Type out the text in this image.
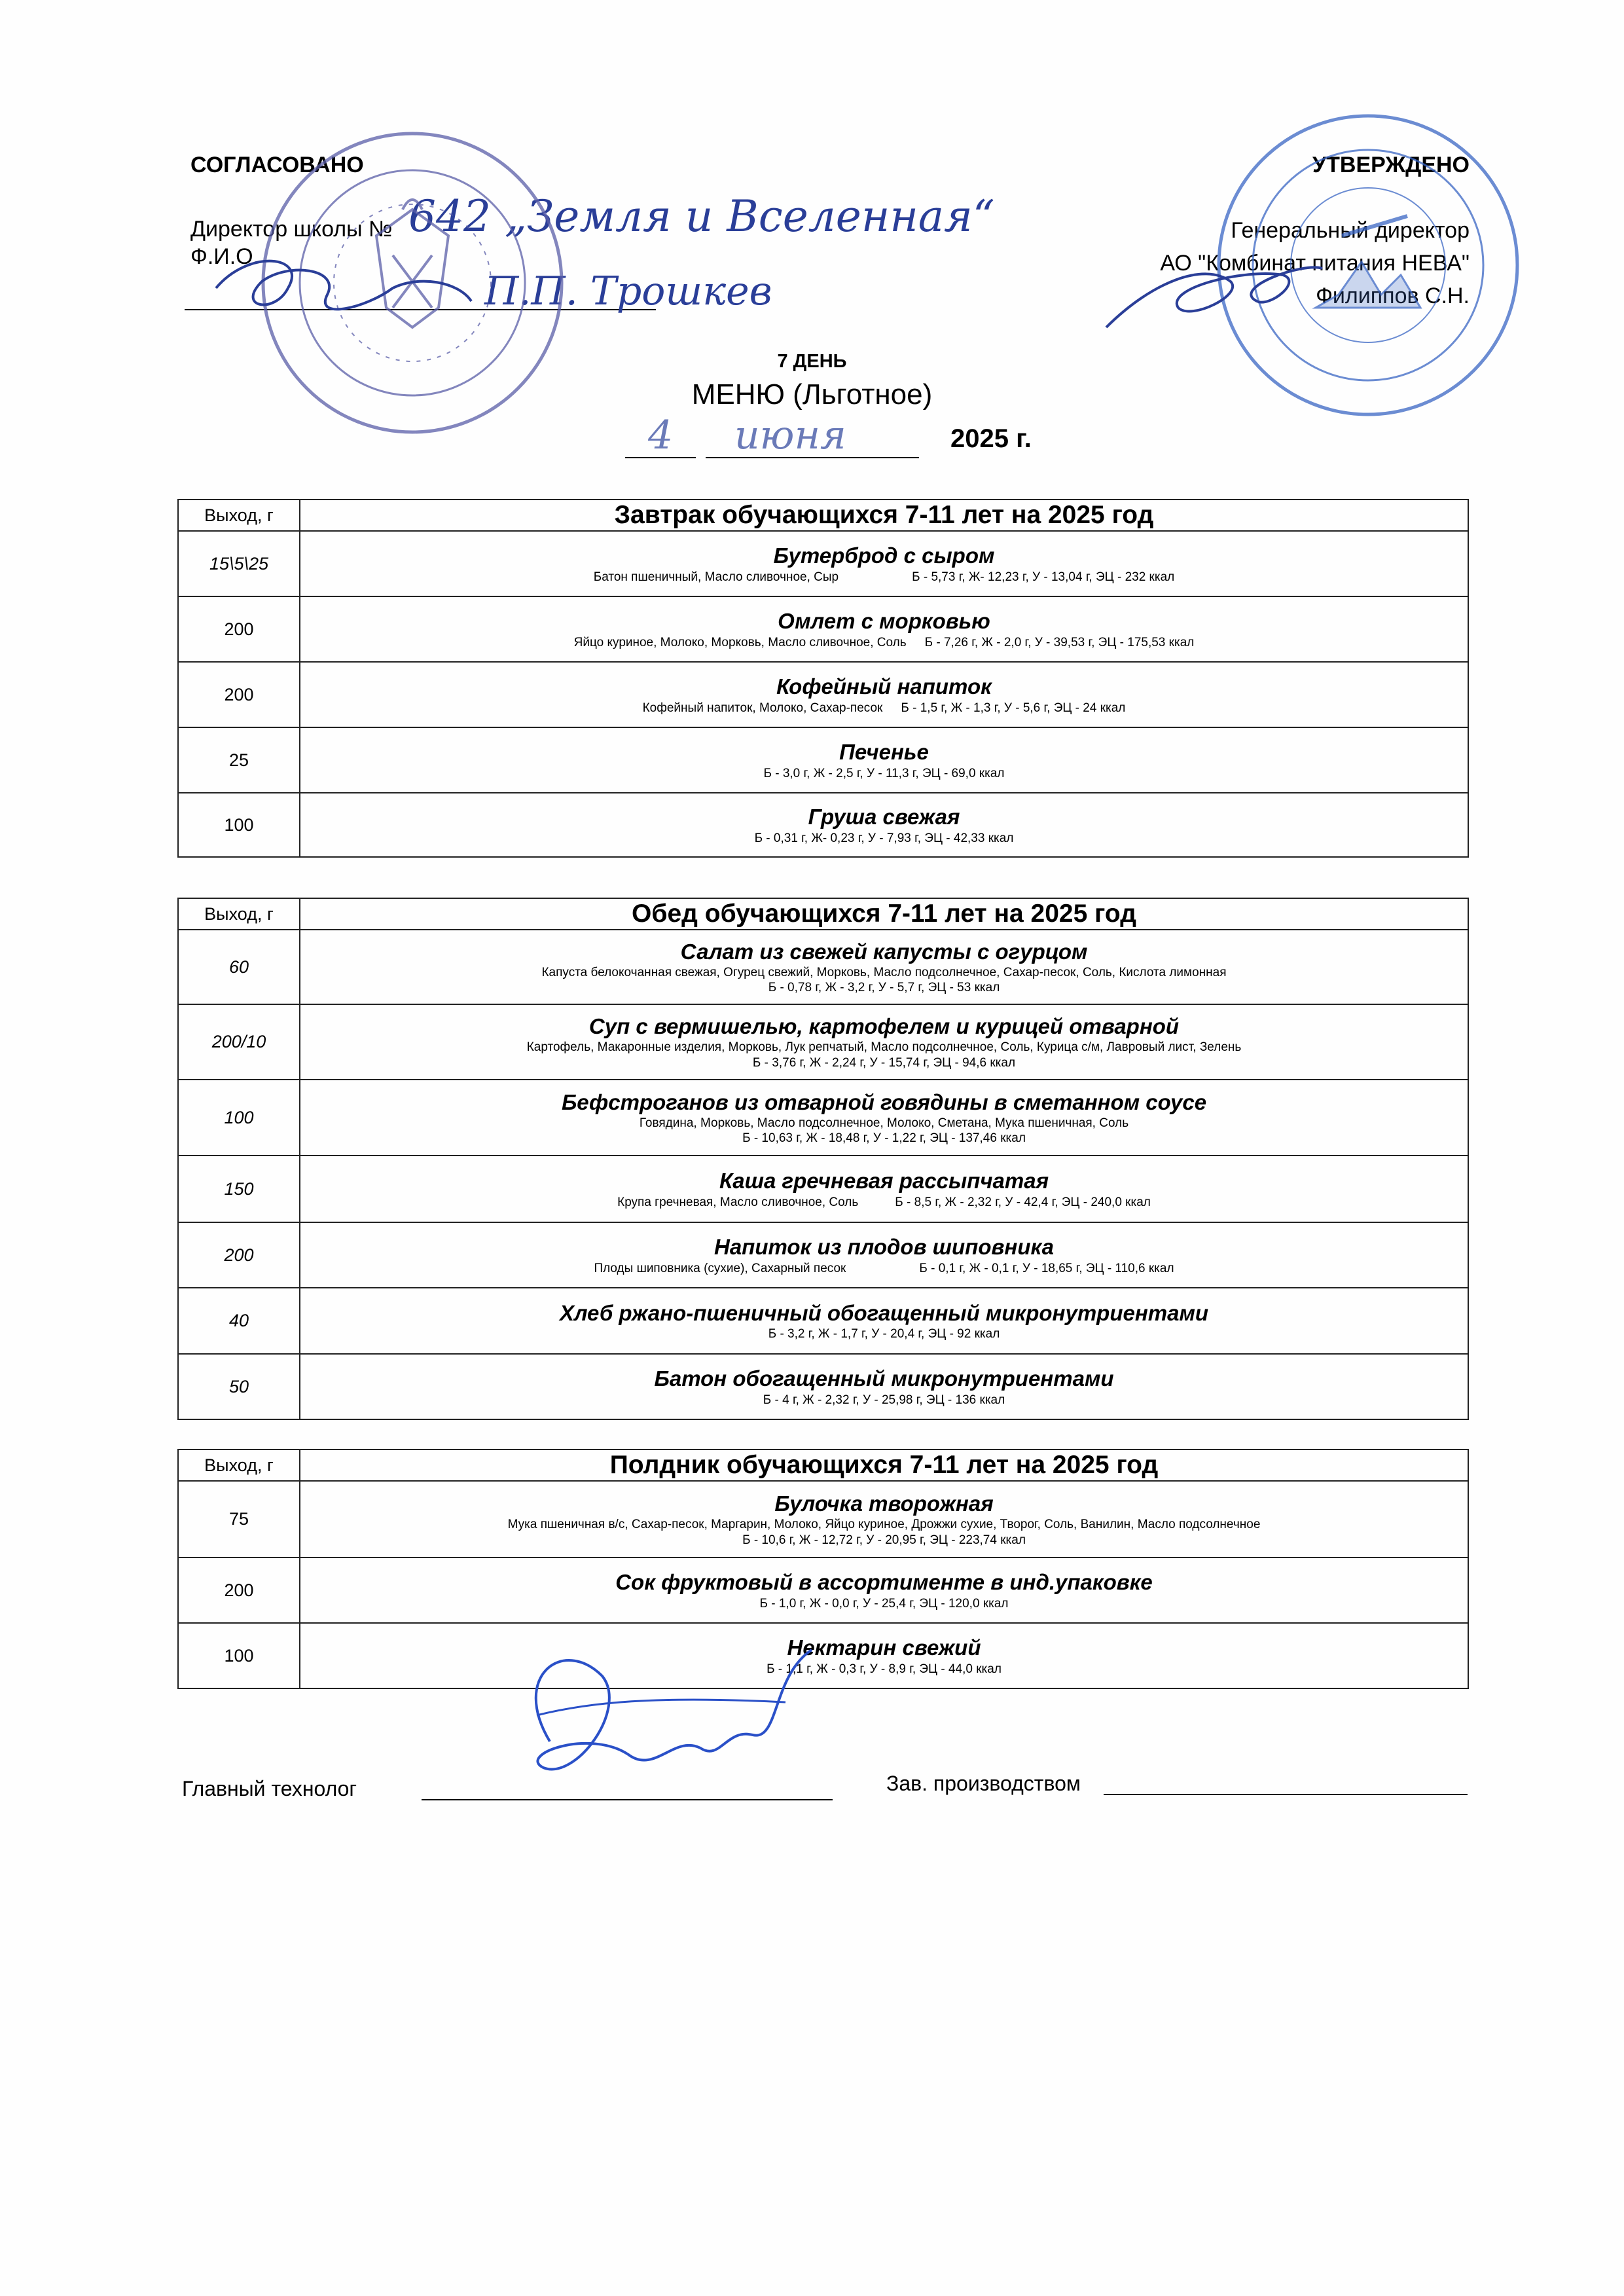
СОГЛАСОВАНО
Директор школы № 642 „Земля и Вселенная“
Ф.И.О.
П.П. Трошкев
УТВЕРЖДЕНО
Генеральный директор
АО "Комбинат питания НЕВА"
Филиппов С.Н.
7 ДЕНЬ
МЕНЮ (Льготное)
4 июня	2025 г.
Выход, г	Завтрак обучающихся 7-11 лет на 2025 год
15\5\25	Бутерброд с сыром
Батон пшеничный, Масло сливочное, Сыр Б - 5,73 г, Ж- 12,23 г, У - 13,04 г, ЭЦ - 232 ккал

200	Омлет с морковью
Яйцо куриное, Молоко, Морковь, Масло сливочное, Соль Б - 7,26 г, Ж - 2,0 г, У - 39,53 г, ЭЦ - 175,53 ккал

200	Кофейный напиток
Кофейный напиток, Молоко, Сахар-песок Б - 1,5 г, Ж - 1,3 г, У - 5,6 г, ЭЦ - 24 ккал

25	Печенье
Б - 3,0 г, Ж - 2,5 г, У - 11,3 г, ЭЦ - 69,0 ккал

100	Груша свежая
Б - 0,31 г, Ж- 0,23 г, У - 7,93 г, ЭЦ - 42,33 ккал
Выход, г	Обед обучающихся 7-11 лет на 2025 год
60	Салат из свежей капусты с огурцом
Капуста белокочанная свежая, Огурец свежий, Морковь, Масло подсолнечное, Сахар-песок, Соль, Кислота лимонная
Б - 0,78 г, Ж - 3,2 г, У - 5,7 г, ЭЦ - 53 ккал

200/10	Суп с вермишелью, картофелем и курицей отварной
Картофель, Макаронные изделия, Морковь, Лук репчатый, Масло подсолнечное, Соль, Курица с/м, Лавровый лист, Зелень
Б - 3,76 г, Ж - 2,24 г, У - 15,74 г, ЭЦ - 94,6 ккал

100	Бефстроганов из отварной говядины в сметанном соусе
Говядина, Морковь, Масло подсолнечное, Молоко, Сметана, Мука пшеничная, Соль
Б - 10,63 г, Ж - 18,48 г, У - 1,22 г, ЭЦ - 137,46 ккал

150	Каша гречневая рассыпчатая
Крупа гречневая, Масло сливочное, Соль Б - 8,5 г, Ж - 2,32 г, У - 42,4 г, ЭЦ - 240,0 ккал

200	Напиток из плодов шиповника
Плоды шиповника (сухие), Сахарный песок Б - 0,1 г, Ж - 0,1 г, У - 18,65 г, ЭЦ - 110,6 ккал

40	Хлеб ржано-пшеничный обогащенный микронутриентами
Б - 3,2 г, Ж - 1,7 г, У - 20,4 г, ЭЦ - 92 ккал

50	Батон обогащенный микронутриентами
Б - 4 г, Ж - 2,32 г, У - 25,98 г, ЭЦ - 136 ккал
Выход, г	Полдник обучающихся 7-11 лет на 2025 год
75	Булочка творожная
Мука пшеничная в/с, Сахар-песок, Маргарин, Молоко, Яйцо куриное, Дрожжи сухие, Творог, Соль, Ванилин, Масло подсолнечное
Б - 10,6 г, Ж - 12,72 г, У - 20,95 г, ЭЦ - 223,74 ккал

200	Сок фруктовый в ассортименте в инд.упаковке
Б - 1,0 г, Ж - 0,0 г, У - 25,4 г, ЭЦ - 120,0 ккал

100	Нектарин свежий
Б - 1,1 г, Ж - 0,3 г, У - 8,9 г, ЭЦ - 44,0 ккал
Главный технолог	Зав. производством
